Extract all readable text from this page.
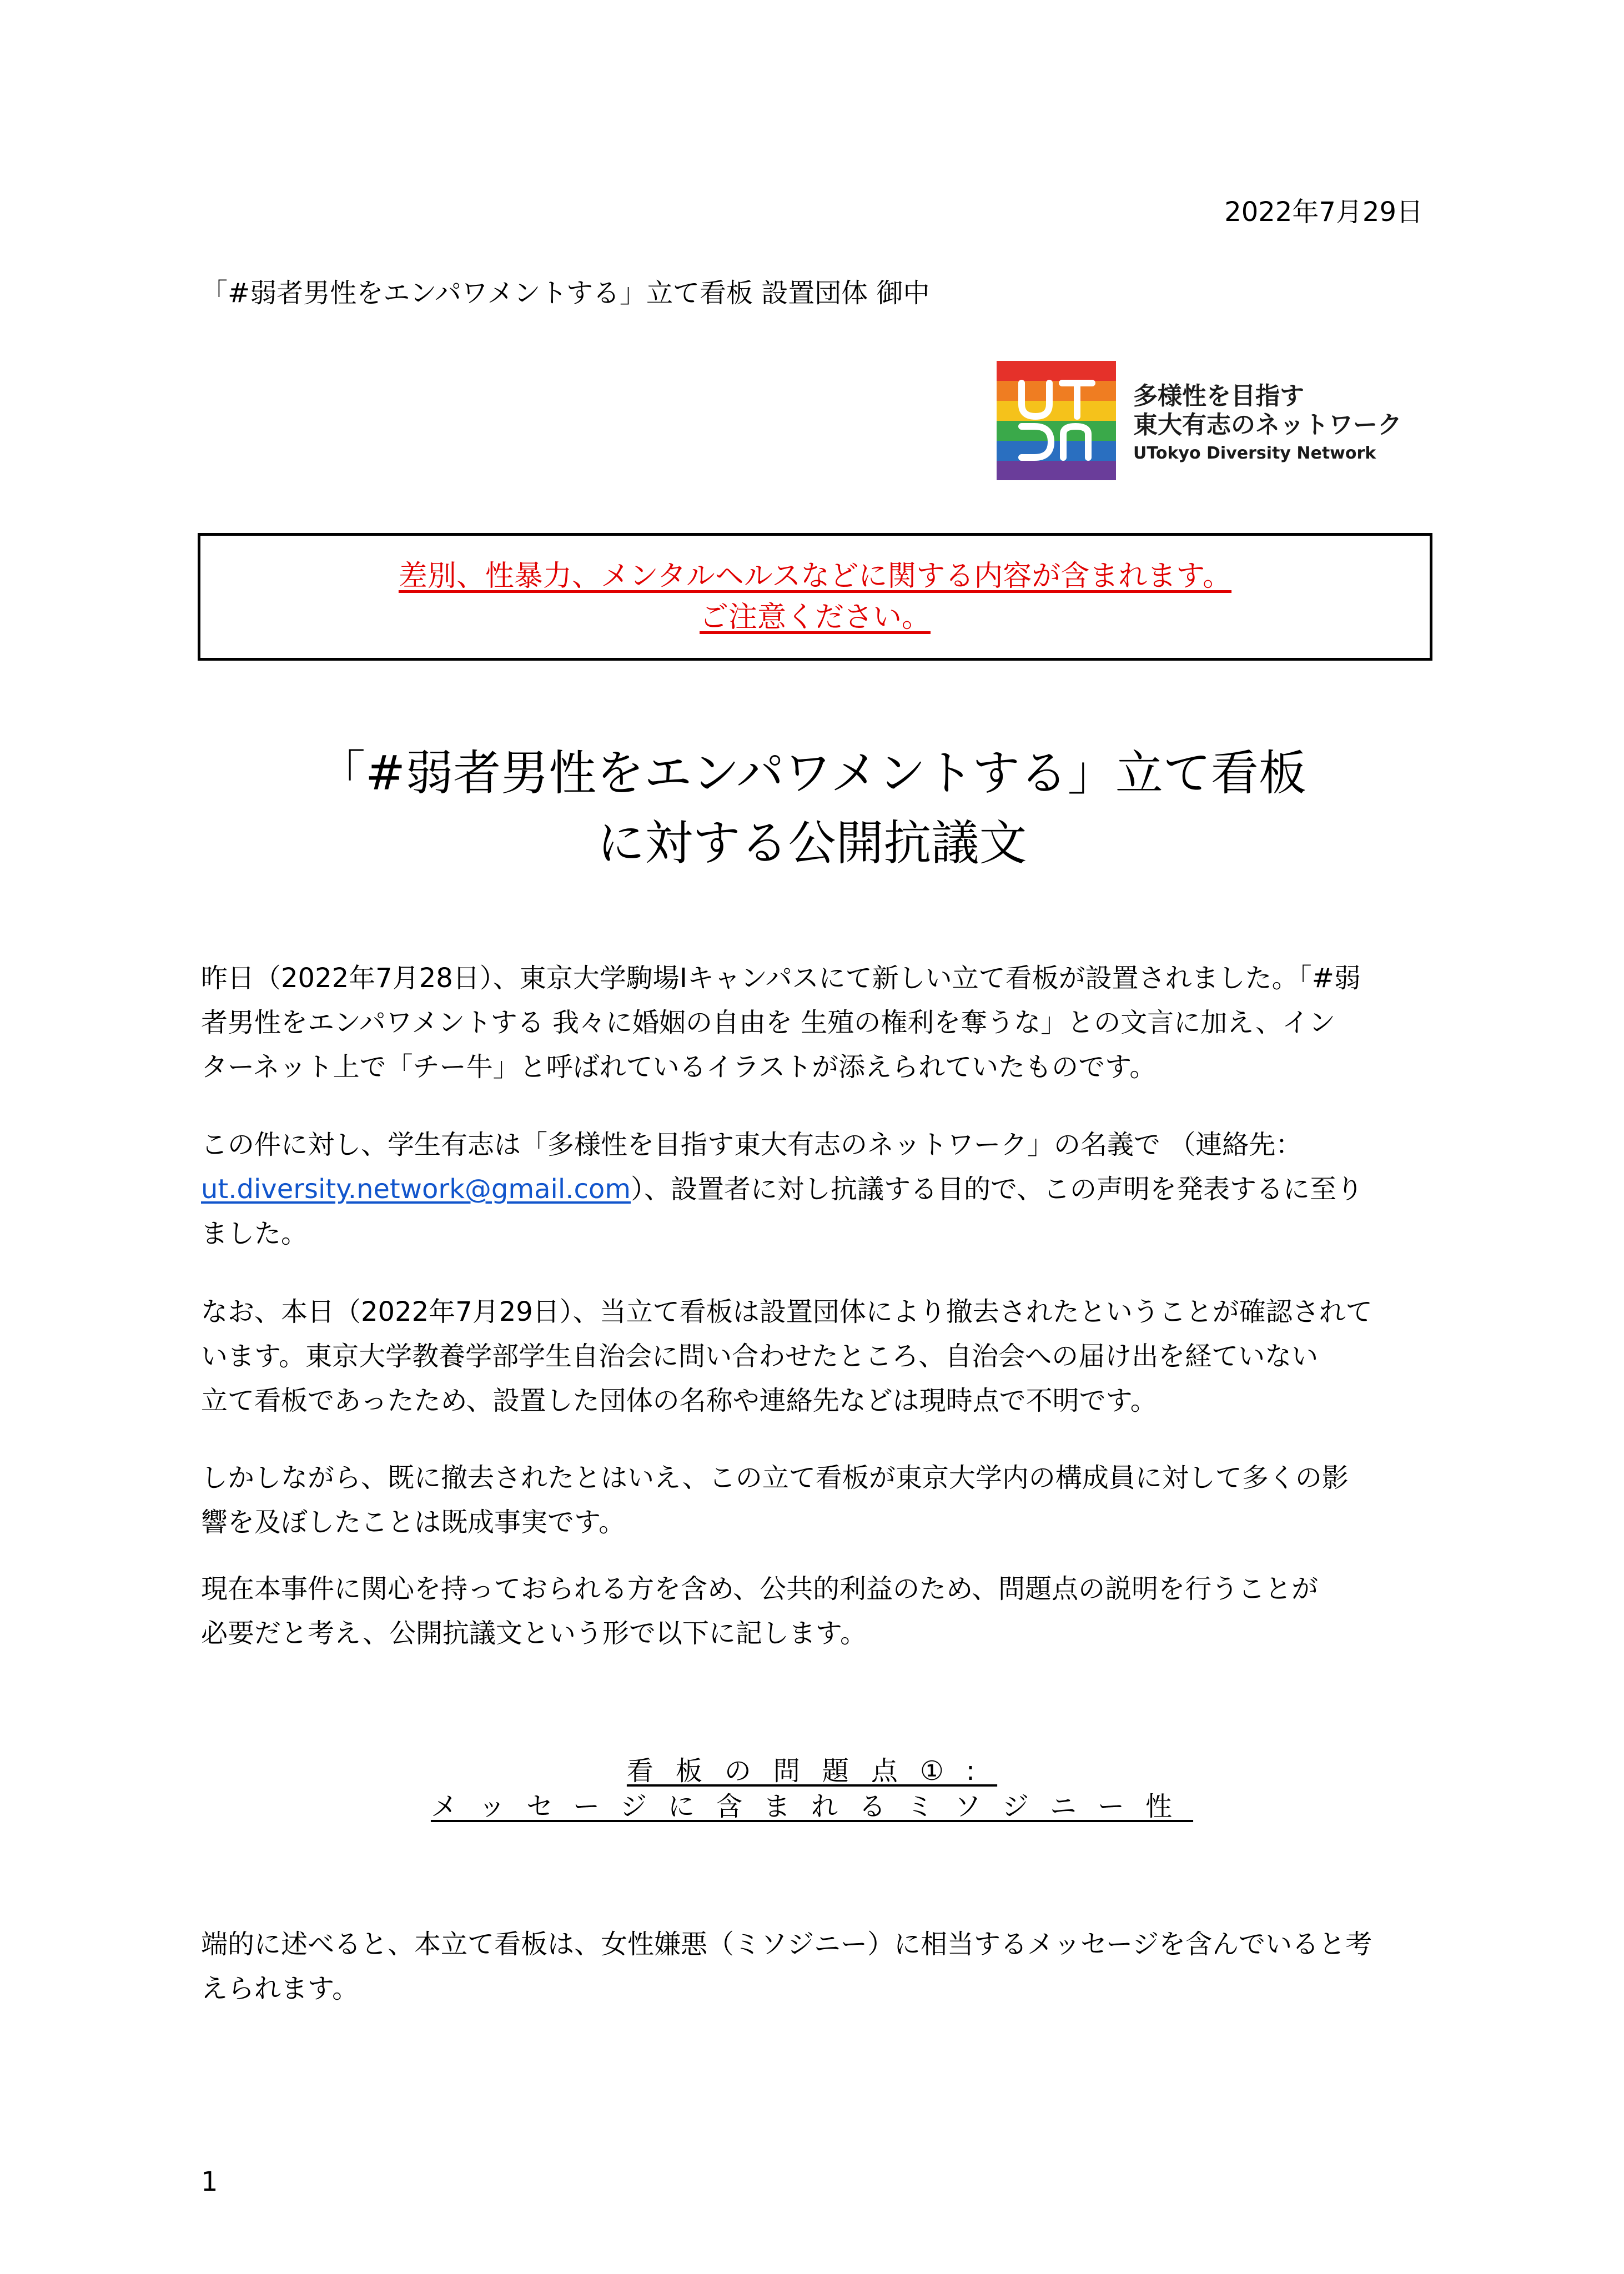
2022年7月29日
「#弱者男性をエンパワメントする」立て看板 設置団体 御中
多様性を目指す
東大有志のネットワーク
UTokyo Diversity Network
差別、性暴力、メンタルヘルスなどに関する内容が含まれます。
ご注意ください。
「#弱者男性をエンパワメントする」立て看板
に対する公開抗議文
昨日（2022年7月28日）、東京大学駒場Iキャンパスにて新しい立て看板が設置されました。「#弱
者男性をエンパワメントする 我々に婚姻の自由を 生殖の権利を奪うな」との文言に加え、イン
ターネット上で「チー牛」と呼ばれているイラストが添えられていたものです。
この件に対し、学生有志は「多様性を目指す東大有志のネットワーク」の名義で （連絡先：
ut.diversity.network@gmail.com）、設置者に対し抗議する目的で、この声明を発表するに至り
ました。
なお、本日（2022年7月29日）、当立て看板は設置団体により撤去されたということが確認されて
います。東京大学教養学部学生自治会に問い合わせたところ、自治会への届け出を経ていない
立て看板であったため、設置した団体の名称や連絡先などは現時点で不明です。
しかしながら、既に撤去されたとはいえ、この立て看板が東京大学内の構成員に対して多くの影
響を及ぼしたことは既成事実です。
現在本事件に関心を持っておられる方を含め、公共的利益のため、問題点の説明を行うことが
必要だと考え、公開抗議文という形で以下に記します。
看板の問題点①:
メッセージに含まれるミソジニー性
端的に述べると、本立て看板は、女性嫌悪（ミソジニー）に相当するメッセージを含んでいると考
えられます。
1
